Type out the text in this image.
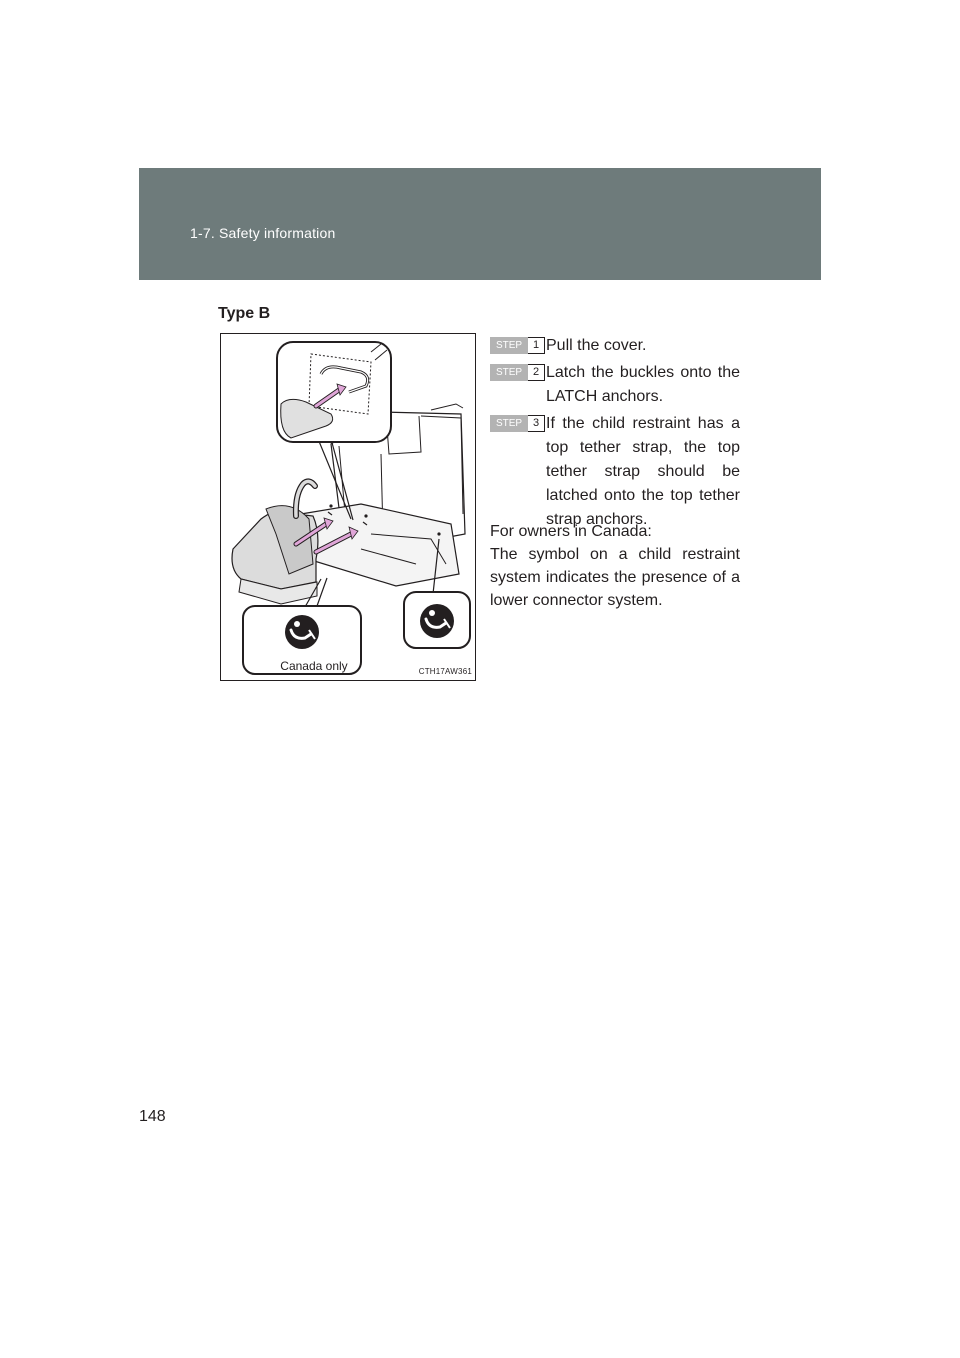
1-7. Safety information
Type B
Canada only	CTH17AW361
STEP 1 Pull the cover.
STEP 2 Latch the buckles onto the LATCH anchors.
STEP 3 If the child restraint has a top tether strap, the top tether strap should be latched onto the top tether strap anchors.

For owners in Canada:

The symbol on a child restraint system indicates the presence of a lower connector system.

148
